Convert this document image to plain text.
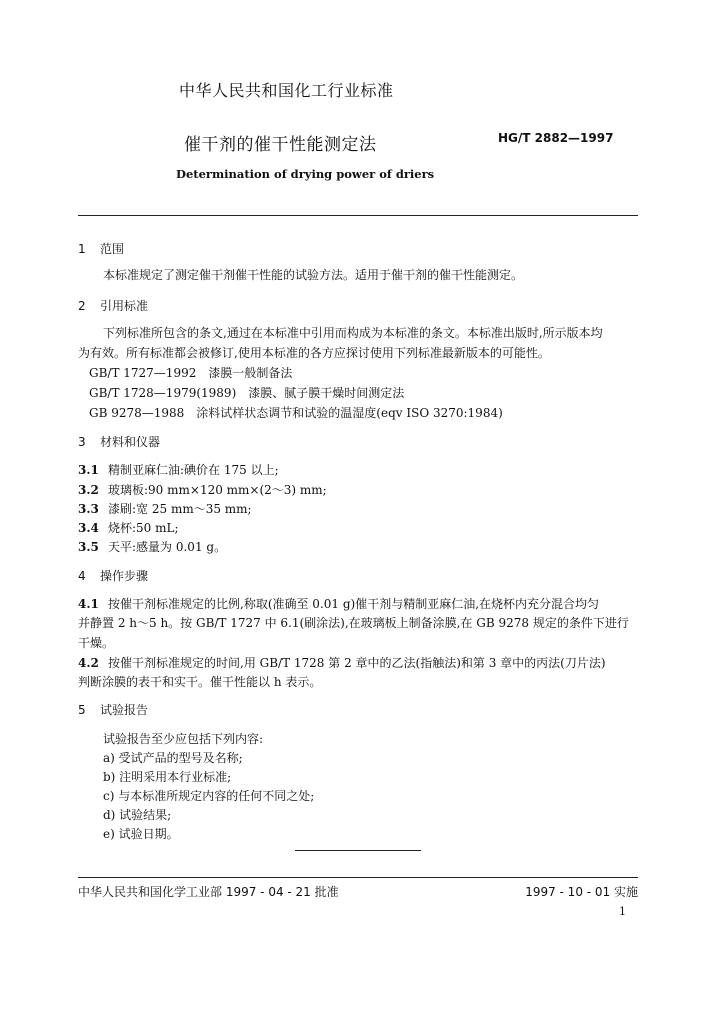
中华人民共和国化工行业标准
催干剂的催干性能测定法	HG/T 2882—1997
Determination of drying power of driers
1 范围
本标准规定了测定催干剂催干性能的试验方法。适用于催干剂的催干性能测定。
2 引用标准
下列标准所包含的条文,通过在本标准中引用而构成为本标准的条文。本标准出版时,所示版本均
为有效。所有标准都会被修订,使用本标准的各方应探讨使用下列标准最新版本的可能性。
GB/T 1727—1992　漆膜一般制备法
GB/T 1728—1979(1989)　漆膜、腻子膜干燥时间测定法
GB 9278—1988　涂料试样状态调节和试验的温湿度(eqv ISO 3270:1984)
3 材料和仪器
3.1 精制亚麻仁油:碘价在 175 以上;
3.2 玻璃板:90 mm×120 mm×(2～3) mm;
3.3 漆刷:宽 25 mm～35 mm;
3.4 烧杯:50 mL;
3.5 天平:感量为 0.01 g。
4 操作步骤
4.1 按催干剂标准规定的比例,称取(准确至 0.01 g)催干剂与精制亚麻仁油,在烧杯内充分混合均匀
并静置 2 h～5 h。按 GB/T 1727 中 6.1(刷涂法),在玻璃板上制备涂膜,在 GB 9278 规定的条件下进行
干燥。
4.2 按催干剂标准规定的时间,用 GB/T 1728 第 2 章中的乙法(指触法)和第 3 章中的丙法(刀片法)
判断涂膜的表干和实干。催干性能以 h 表示。
5 试验报告
试验报告至少应包括下列内容:
a) 受试产品的型号及名称;
b) 注明采用本行业标准;
c) 与本标准所规定内容的任何不同之处;
d) 试验结果;
e) 试验日期。
中华人民共和国化学工业部 1997 - 04 - 21 批准	1997 - 10 - 01 实施
1
